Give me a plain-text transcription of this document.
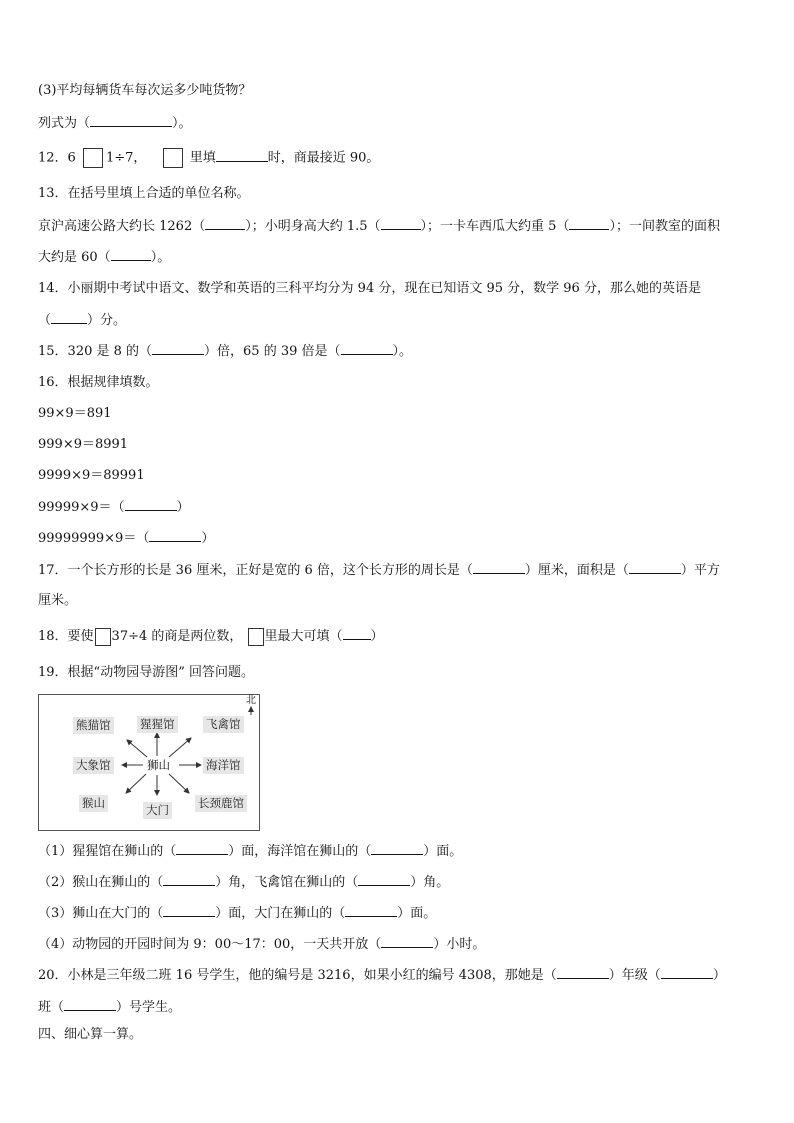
(3)平均每辆货车每次运多少吨货物？
列式为（	）。
12．6 1÷7，	里填	时，商最接近 90。
13．在括号里填上合适的单位名称。
京沪高速公路大约长 1262（	）；小明身高大约 1.5（	）；一卡车西瓜大约重 5（	）；一间教室的面积
大约是 60（	）。
14．小丽期中考试中语文、数学和英语的三科平均分为 94 分，现在已知语文 95 分，数学 96 分，那么她的英语是
（	）分。
15．320 是 8 的（	）倍，65 的 39 倍是（	）。
16．根据规律填数。
99×9＝891
999×9＝8991
9999×9＝89991
99999×9＝（	）
99999999×9＝（	）
17．一个长方形的长是 36 厘米，正好是宽的 6 倍，这个长方形的周长是（	）厘米，面积是（	）平方
厘米。
18．要使 37÷4 的商是两位数， 里最大可填（ ）
19．根据“动物园导游图” 回答问题。
北
猩猩馆
熊猫馆	飞禽馆
大象馆	狮山	海洋馆
猴山	大门	长颈鹿馆
（1）猩猩馆在狮山的（	）面，海洋馆在狮山的（	）面。
（2）猴山在狮山的（	）角，飞禽馆在狮山的（	）角。
（3）狮山在大门的（	）面，大门在狮山的（	）面。
（4）动物园的开园时间为 9：00～17：00，一天共开放（	）小时。
20．小林是三年级二班 16 号学生，他的编号是 3216，如果小红的编号 4308，那她是（	）年级（	）
班（	）号学生。
四、细心算一算。
